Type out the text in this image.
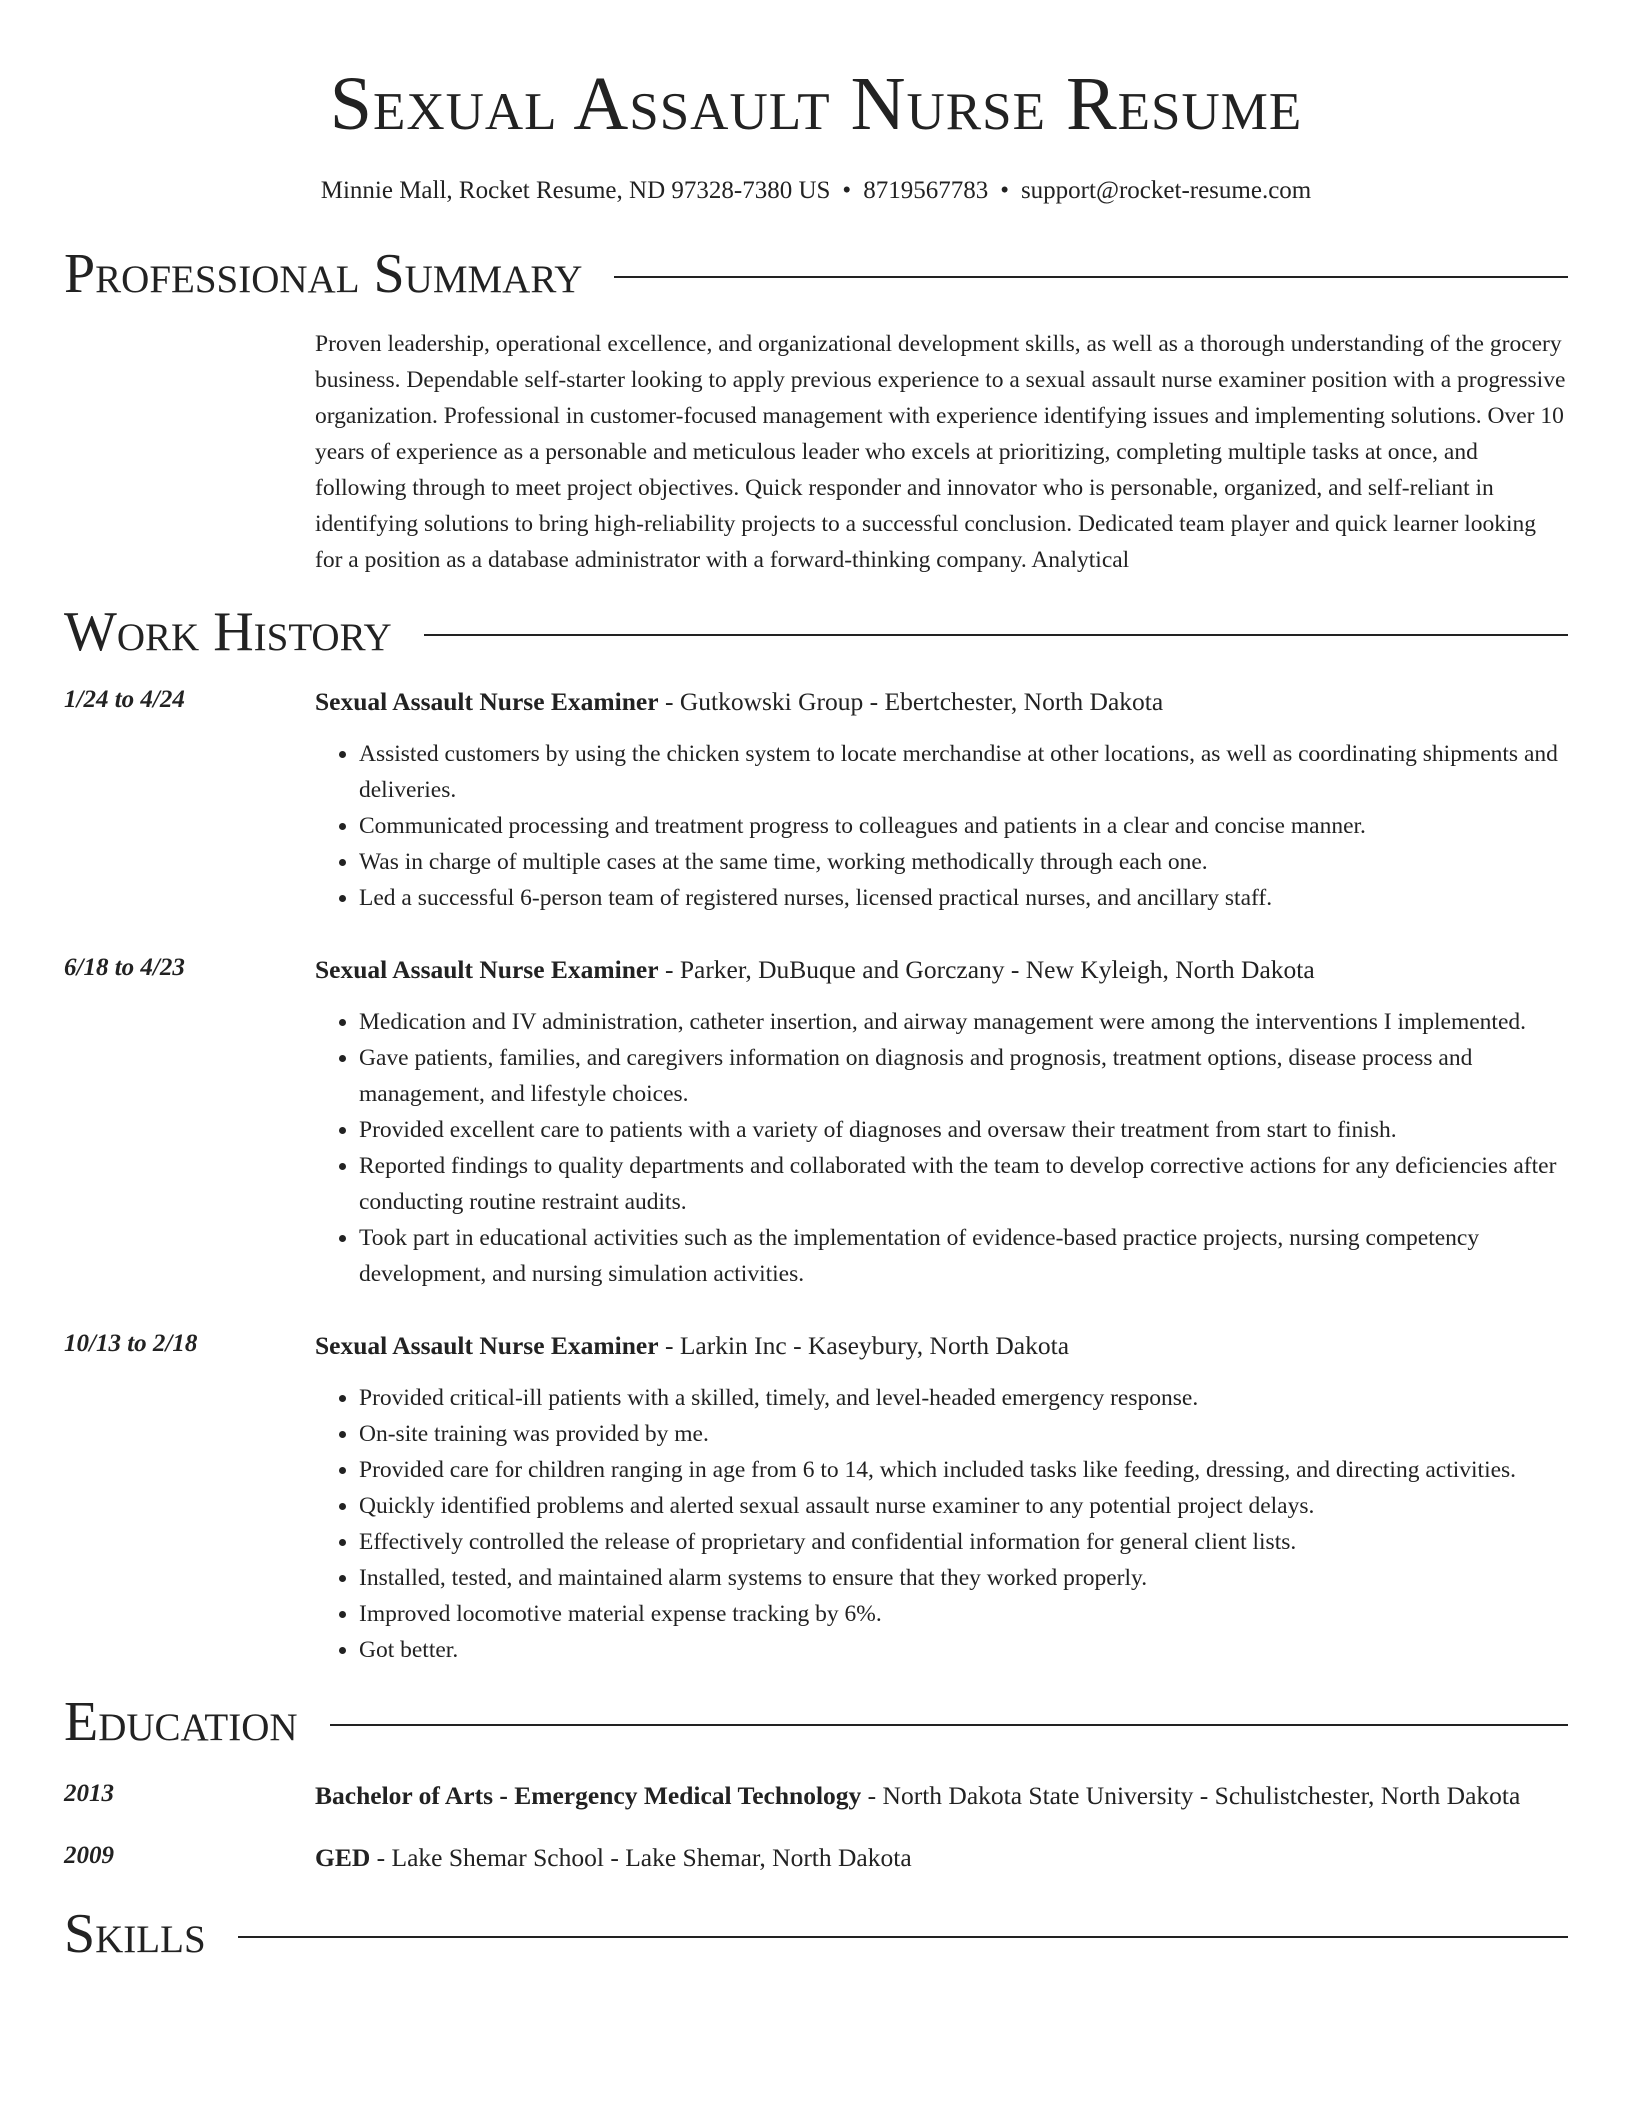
Sexual Assault Nurse Resume
Minnie Mall, Rocket Resume, ND 97328-7380 US • 8719567783 • support@rocket-resume.com
Professional Summary
Proven leadership, operational excellence, and organizational development skills, as well as a thorough understanding of the grocery business. Dependable self-starter looking to apply previous experience to a sexual assault nurse examiner position with a progressive organization. Professional in customer-focused management with experience identifying issues and implementing solutions. Over 10 years of experience as a personable and meticulous leader who excels at prioritizing, completing multiple tasks at once, and following through to meet project objectives. Quick responder and innovator who is personable, organized, and self-reliant in identifying solutions to bring high-reliability projects to a successful conclusion. Dedicated team player and quick learner looking for a position as a database administrator with a forward-thinking company. Analytical
Work History
1/24 to 4/24	Sexual Assault Nurse Examiner - Gutkowski Group - Ebertchester, North Dakota
• Assisted customers by using the chicken system to locate merchandise at other locations, as well as coordinating shipments and deliveries.
• Communicated processing and treatment progress to colleagues and patients in a clear and concise manner.
• Was in charge of multiple cases at the same time, working methodically through each one.
• Led a successful 6-person team of registered nurses, licensed practical nurses, and ancillary staff.
6/18 to 4/23	Sexual Assault Nurse Examiner - Parker, DuBuque and Gorczany - New Kyleigh, North Dakota
• Medication and IV administration, catheter insertion, and airway management were among the interventions I implemented.
• Gave patients, families, and caregivers information on diagnosis and prognosis, treatment options, disease process and management, and lifestyle choices.
• Provided excellent care to patients with a variety of diagnoses and oversaw their treatment from start to finish.
• Reported findings to quality departments and collaborated with the team to develop corrective actions for any deficiencies after conducting routine restraint audits.
• Took part in educational activities such as the implementation of evidence-based practice projects, nursing competency development, and nursing simulation activities.
10/13 to 2/18	Sexual Assault Nurse Examiner - Larkin Inc - Kaseybury, North Dakota
• Provided critical-ill patients with a skilled, timely, and level-headed emergency response.
• On-site training was provided by me.
• Provided care for children ranging in age from 6 to 14, which included tasks like feeding, dressing, and directing activities.
• Quickly identified problems and alerted sexual assault nurse examiner to any potential project delays.
• Effectively controlled the release of proprietary and confidential information for general client lists.
• Installed, tested, and maintained alarm systems to ensure that they worked properly.
• Improved locomotive material expense tracking by 6%.
• Got better.
Education
2013	Bachelor of Arts - Emergency Medical Technology - North Dakota State University - Schulistchester, North Dakota
2009	GED - Lake Shemar School - Lake Shemar, North Dakota
Skills
